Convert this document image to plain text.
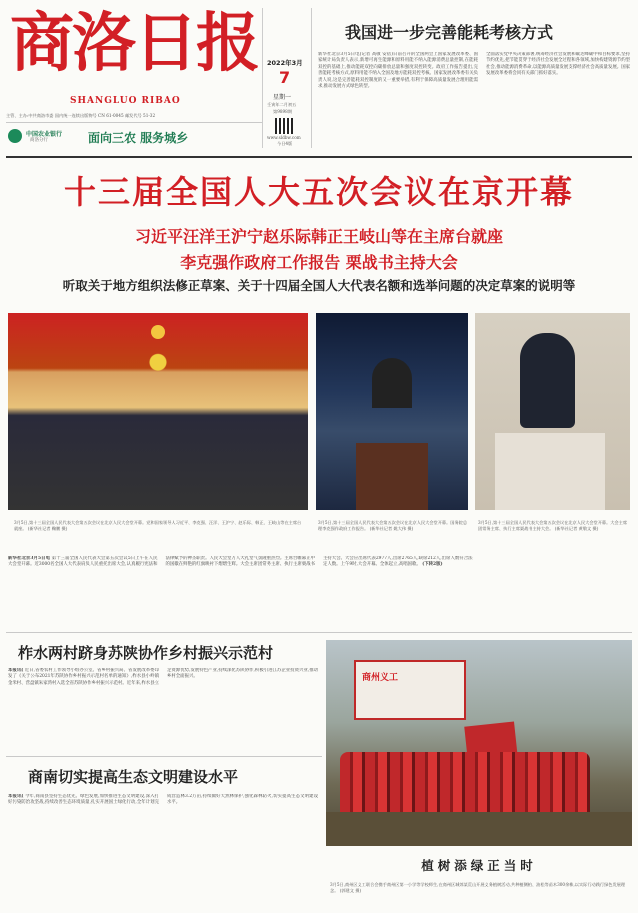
商洛日报
SHANGLUO RIBAO
主管、主办:中共商洛市委 国内统一连续出版物号 CN 61-0045 邮发代号 51-32
中国农业银行
商洛分行	面向三农 服务城乡
2022年3月
7
星期一
壬寅年二月初五
第9898期
www.sldbw.com
今日4版
我国进一步完善能耗考核方式
新华社北京3月5日电(记者 高敬 安蓓)日前召开的全国两会上国家发展改革委、国家统计局负责人表示,新增可再生能源和原料用能不纳入能源消费总量控制,在能耗双控的基础上,推动能耗双控向碳排放总量和强度双控转变。政府工作报告提出,完善能耗考核方式,原料用能不纳入全国及地方能耗双控考核。国家发展改革委有关负责人说,这是完善能耗双控制度的又一重要举措,有利于保障高质量发展合理用能需求,推动发展方式绿色转型。
全面落实党中央决策部署,统筹经济社会发展和碳达峰碳中和目标要求,坚持节约优先,把节能贯穿于经济社会发展全过程和各领域,加快构建资源节约型社会,推动能源消费革命,以能源高质量发展支撑经济社会高质量发展。国家发展改革委将会同有关部门抓好落实。
十三届全国人大五次会议在京开幕
习近平汪洋王沪宁赵乐际韩正王岐山等在主席台就座
李克强作政府工作报告 栗战书主持大会
听取关于地方组织法修正草案、关于十四届全国人大代表名额和选举问题的决定草案的说明等
3月5日,第十三届全国人民代表大会第五次会议在北京人民大会堂开幕。党和国家领导人习近平、李克强、汪洋、王沪宁、赵乐际、韩正、王岐山等在主席台就座。 (新华社记者 鞠鹏 摄)
3月5日,第十三届全国人民代表大会第五次会议在北京人民大会堂开幕。国务院总理李克强作政府工作报告。 (新华社记者 姚大伟 摄)
3月5日,第十三届全国人民代表大会第五次会议在北京人民大会堂开幕。大会主席团常务主席、执行主席栗战书主持大会。 (新华社记者 黄敬文 摄)
新华社北京3月5日电 第十三届全国人民代表大会第五次会议5日上午在人民大会堂开幕。近3000名全国人大代表肩负人民重托出席大会,认真履行宪法和法律赋予的神圣职责。人民大会堂万人大礼堂气氛隆重热烈。主席台帷幕正中的国徽在鲜艳的红旗映衬下熠熠生辉。大会主席团常务主席、执行主席栗战书主持大会。大会应出席代表2977人,出席2765人,缺席212人,出席人数符合法定人数。上午9时,大会开幕。全体起立,高唱国歌。 (下转2版)
柞水两村跻身苏陕协作乡村振兴示范村
本报讯( 近日,省委农村工作领导小组办公室、省乡村振兴局、省发展改革委印发了《关于公布2021年苏陕协作乡村振兴示范村名单的通知》,柞水县小岭镇金米村、营盘镇朱家湾村入选全省苏陕协作乡村振兴示范村。近年来,柞水县立足资源优势,发展特色产业,持续深化苏陕协作,积极引进江苏企业投资兴业,推动乡村全面振兴。
商南切实提高生态文明建设水平
本报讯( 今年,商南县坚持生态优先、绿色发展,加快推进生态文明建设,深入打好污染防治攻坚战,持续改善生态环境质量,扎实开展国土绿化行动,全年计划完成营造林3.2万亩,持续做好天然林保护,强化森林防火,切实提高生态文明建设水平。
商州义工
植树添绿正当时
3月5日,商州区义工联合会携手商州区第一小学等学校师生,在商州区城郊某荒山开展义务植树活动,共种植侧柏、油松等苗木300余株,以实际行动践行绿色发展理念。 (郭建文 摄)
